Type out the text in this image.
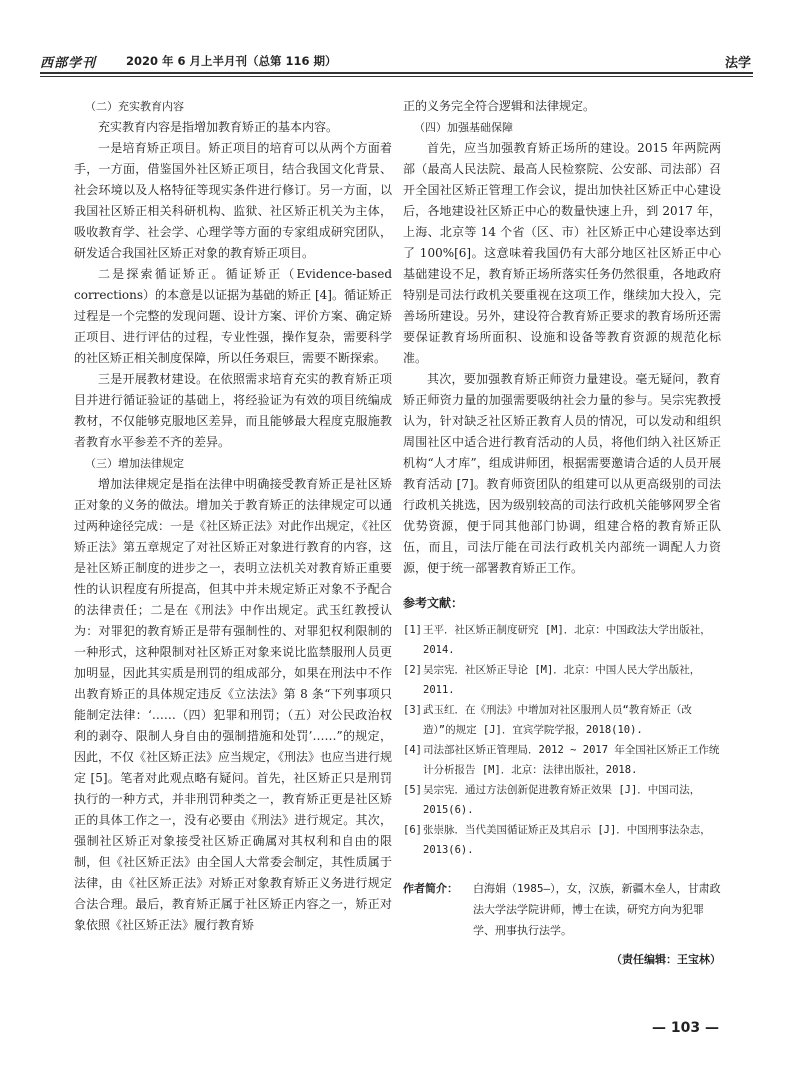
西部学刊	2020 年 6 月上半月刊（总第 116 期）	法学

（二）充实教育内容

充实教育内容是指增加教育矫正的基本内容。

一是培育矫正项目。矫正项目的培育可以从两个方面着手，一方面，借鉴国外社区矫正项目，结合我国文化背景、社会环境以及人格特征等现实条件进行修订。另一方面，以我国社区矫正相关科研机构、监狱、社区矫正机关为主体，吸收教育学、社会学、心理学等方面的专家组成研究团队，研发适合我国社区矫正对象的教育矫正项目。

二是探索循证矫正。循证矫正（Evidence-based corrections）的本意是以证据为基础的矫正 [4]。循证矫正过程是一个完整的发现问题、设计方案、评价方案、确定矫正项目、进行评估的过程，专业性强，操作复杂，需要科学的社区矫正相关制度保障，所以任务艰巨，需要不断探索。

三是开展教材建设。在依照需求培育充实的教育矫正项目并进行循证验证的基础上，将经验证为有效的项目统编成教材，不仅能够克服地区差异，而且能够最大程度克服施教者教育水平参差不齐的差异。

（三）增加法律规定

增加法律规定是指在法律中明确接受教育矫正是社区矫正对象的义务的做法。增加关于教育矫正的法律规定可以通过两种途径完成：一是《社区矫正法》对此作出规定，《社区矫正法》第五章规定了对社区矫正对象进行教育的内容，这是社区矫正制度的进步之一，表明立法机关对教育矫正重要性的认识程度有所提高，但其中并未规定矫正对象不予配合的法律责任；二是在《刑法》中作出规定。武玉红教授认为：对罪犯的教育矫正是带有强制性的、对罪犯权利限制的一种形式，这种限制对社区矫正对象来说比监禁服刑人员更加明显，因此其实质是刑罚的组成部分，如果在刑法中不作出教育矫正的具体规定违反《立法法》第 8 条“下列事项只能制定法律：‘……（四）犯罪和刑罚；（五）对公民政治权利的剥夺、限制人身自由的强制措施和处罚’……”的规定，因此，不仅《社区矫正法》应当规定，《刑法》也应当进行规定 [5]。笔者对此观点略有疑问。首先，社区矫正只是刑罚执行的一种方式，并非刑罚种类之一，教育矫正更是社区矫正的具体工作之一，没有必要由《刑法》进行规定。其次，强制社区矫正对象接受社区矫正确属对其权利和自由的限制，但《社区矫正法》由全国人大常委会制定，其性质属于法律，由《社区矫正法》对矫正对象教育矫正义务进行规定合法合理。最后，教育矫正属于社区矫正内容之一，矫正对象依照《社区矫正法》履行教育矫

正的义务完全符合逻辑和法律规定。

（四）加强基础保障

首先，应当加强教育矫正场所的建设。2015 年两院两部（最高人民法院、最高人民检察院、公安部、司法部）召开全国社区矫正管理工作会议，提出加快社区矫正中心建设后，各地建设社区矫正中心的数量快速上升，到 2017 年，上海、北京等 14 个省（区、市）社区矫正中心建设率达到了 100%[6]。这意味着我国仍有大部分地区社区矫正中心基础建设不足，教育矫正场所落实任务仍然很重，各地政府特别是司法行政机关要重视在这项工作，继续加大投入，完善场所建设。另外，建设符合教育矫正要求的教育场所还需要保证教育场所面积、设施和设备等教育资源的规范化标准。

其次，要加强教育矫正师资力量建设。毫无疑问，教育矫正师资力量的加强需要吸纳社会力量的参与。吴宗宪教授认为，针对缺乏社区矫正教育人员的情况，可以发动和组织周围社区中适合进行教育活动的人员，将他们纳入社区矫正机构“人才库”，组成讲师团，根据需要邀请合适的人员开展教育活动 [7]。教育师资团队的组建可以从更高级别的司法行政机关挑选，因为级别较高的司法行政机关能够网罗全省优势资源，便于同其他部门协调，组建合格的教育矫正队伍，而且，司法厅能在司法行政机关内部统一调配人力资源，便于统一部署教育矫正工作。

参考文献：
[1] 王平．社区矫正制度研究 [M]．北京：中国政法大学出版社，2014.
[2] 吴宗宪．社区矫正导论 [M]．北京：中国人民大学出版社，2011.
[3] 武玉红．在《刑法》中增加对社区服刑人员“教育矫正（改造）”的规定 [J]．宜宾学院学报，2018(10).
[4] 司法部社区矫正管理局．2012 ~ 2017 年全国社区矫正工作统计分析报告 [M]．北京：法律出版社，2018.
[5] 吴宗宪．通过方法创新促进教育矫正效果 [J]．中国司法，2015(6).
[6] 张崇脉．当代美国循证矫正及其启示 [J]．中国刑事法杂志，2013(6).
作者简介：	白海娟（1985—），女，汉族，新疆木垒人，甘肃政法大学法学院讲师，博士在读，研究方向为犯罪学、刑事执行法学。
（责任编辑：王宝林）
— 103 —
